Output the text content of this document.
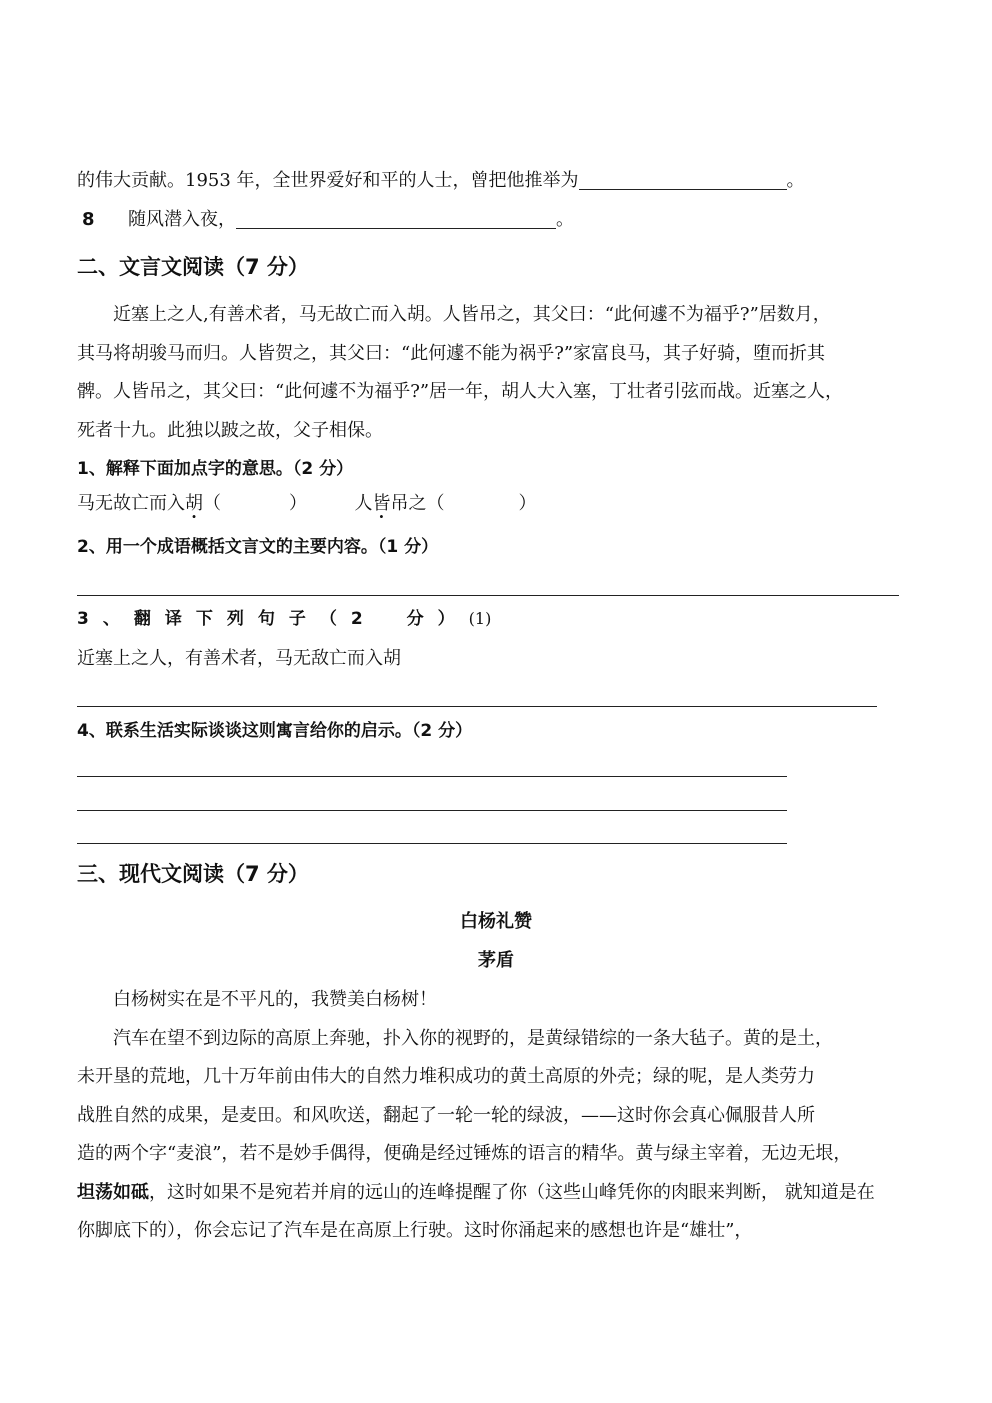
的伟大贡献。1953 年，全世界爱好和平的人士，曾把他推举为	。
8 随风潜入夜，	。
二、文言文阅读（7 分）
近塞上之人,有善术者，马无故亡而入胡。人皆吊之，其父曰：“此何遽不为福乎?”居数月，
其马将胡骏马而归。人皆贺之，其父曰：“此何遽不能为祸乎?”家富良马，其子好骑，堕而折其
髀。人皆吊之，其父曰：“此何遽不为福乎?”居一年，胡人大入塞，丁壮者引弦而战。近塞之人，
死者十九。此独以跛之故，父子相保。
1、解释下面加点字的意思。（2 分）
马无故亡而入胡（	）	人皆吊之（	）
2、用一个成语概括文言文的主要内容。（1 分）
3、翻译下列句子（2 分）(1)
近塞上之人，有善术者，马无敌亡而入胡
4、联系生活实际谈谈这则寓言给你的启示。（2 分）
三、现代文阅读（7 分）
白杨礼赞
茅盾
白杨树实在是不平凡的，我赞美白杨树！
汽车在望不到边际的高原上奔驰，扑入你的视野的，是黄绿错综的一条大毡子。黄的是土，
未开垦的荒地，几十万年前由伟大的自然力堆积成功的黄土高原的外壳；绿的呢，是人类劳力
战胜自然的成果，是麦田。和风吹送，翻起了一轮一轮的绿波，——这时你会真心佩服昔人所
造的两个字“麦浪”，若不是妙手偶得，便确是经过锤炼的语言的精华。黄与绿主宰着，无边无垠，
坦荡如砥，这时如果不是宛若并肩的远山的连峰提醒了你（这些山峰凭你的肉眼来判断， 就知道是在
你脚底下的），你会忘记了汽车是在高原上行驶。这时你涌起来的感想也许是“雄壮”，
